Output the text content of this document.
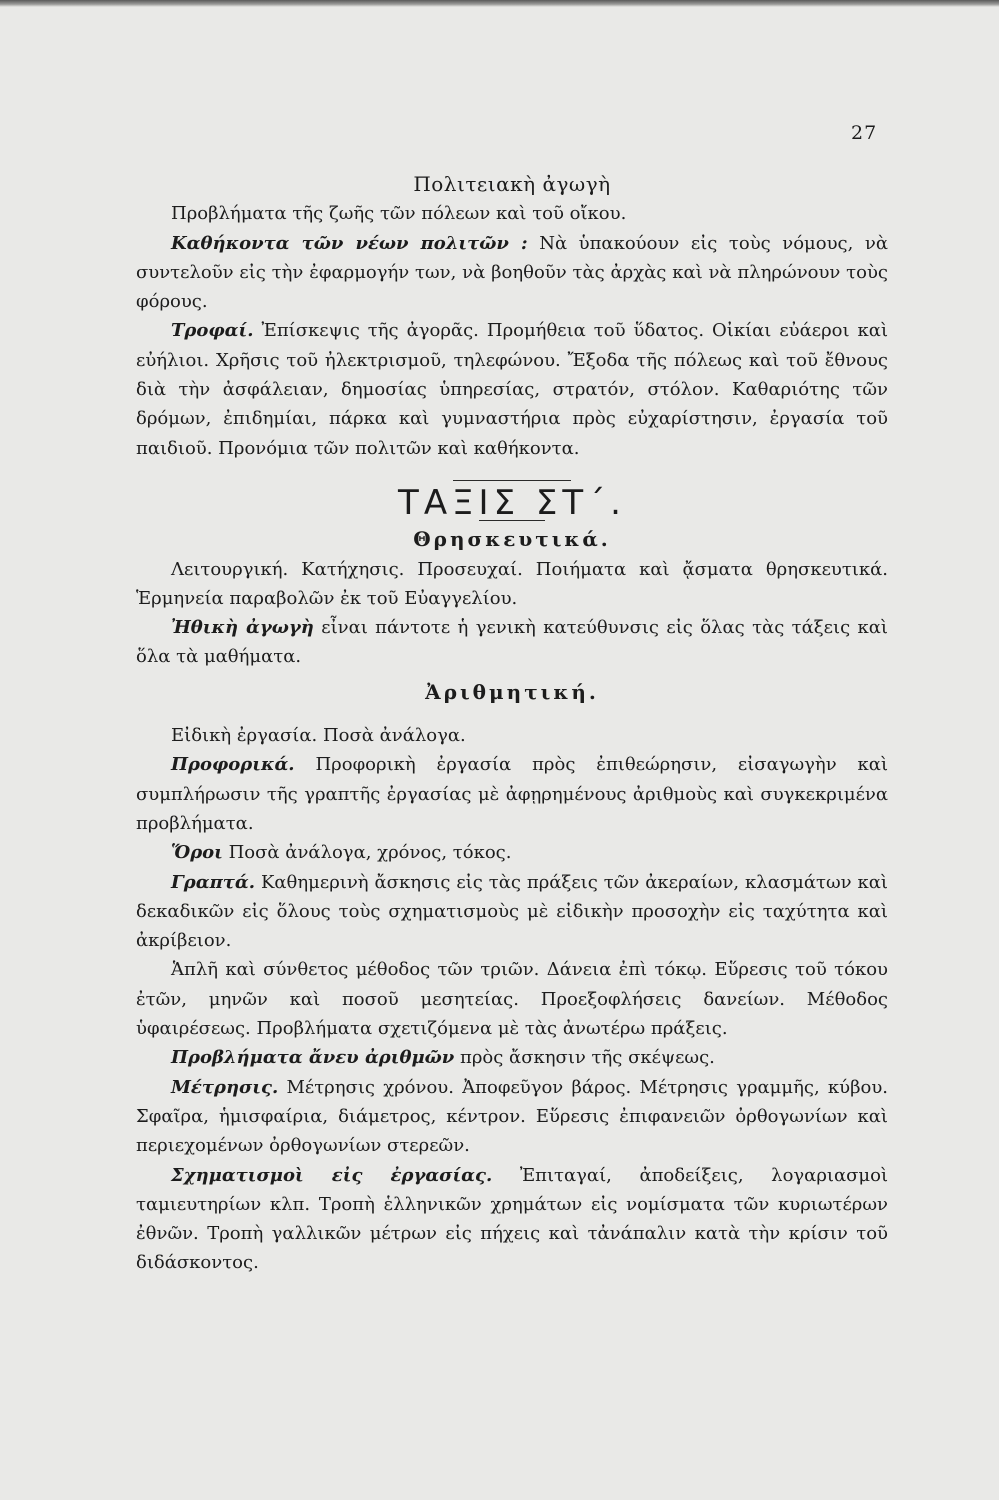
27
Πολιτειακὴ ἀγωγὴ

Προβλήματα τῆς ζωῆς τῶν πόλεων καὶ τοῦ οἴκου.

Καθήκοντα τῶν νέων πολιτῶν : Νὰ ὑπακούουν εἰς τοὺς νόμους, νὰ συντελοῦν εἰς τὴν ἐφαρμογήν των, νὰ βοηθοῦν τὰς ἀρχὰς καὶ νὰ πληρώνουν τοὺς φόρους.

Τροφαί. Ἐπίσκεψις τῆς ἀγορᾶς. Προμήθεια τοῦ ὕδατος. Οἰκίαι εὐάεροι καὶ εὐήλιοι. Χρῆσις τοῦ ἠλεκτρισμοῦ, τηλεφώνου. Ἔξοδα τῆς πόλεως καὶ τοῦ ἔθνους διὰ τὴν ἀσφάλειαν, δημοσίας ὑπηρεσίας, στρατόν, στόλον. Καθαριότης τῶν δρόμων, ἐπιδημίαι, πάρκα καὶ γυμναστήρια πρὸς εὐχαρίστησιν, ἐργασία τοῦ παιδιοῦ. Προνόμια τῶν πολιτῶν καὶ καθήκοντα.

ΤΑΞΙΣ ΣΤ΄.
Θρησκευτικά.

Λειτουργική. Κατήχησις. Προσευχαί. Ποιήματα καὶ ᾄσματα θρησκευτικά. Ἑρμηνεία παραβολῶν ἐκ τοῦ Εὐαγγελίου.

Ἠθικὴ ἀγωγὴ εἶναι πάντοτε ἡ γενικὴ κατεύθυνσις εἰς ὅλας τὰς τάξεις καὶ ὅλα τὰ μαθήματα.

Ἀριθμητική.

Εἰδικὴ ἐργασία. Ποσὰ ἀνάλογα.

Προφορικά. Προφορικὴ ἐργασία πρὸς ἐπιθεώρησιν, εἰσαγωγὴν καὶ συμπλήρωσιν τῆς γραπτῆς ἐργασίας μὲ ἀφῃρημένους ἀριθμοὺς καὶ συγκεκριμένα προβλήματα.

Ὅροι Ποσὰ ἀνάλογα, χρόνος, τόκος.

Γραπτά. Καθημερινὴ ἄσκησις εἰς τὰς πράξεις τῶν ἀκεραίων, κλασμάτων καὶ δεκαδικῶν εἰς ὅλους τοὺς σχηματισμοὺς μὲ εἰδικὴν προσοχὴν εἰς ταχύτητα καὶ ἀκρίβειον.

Ἁπλῆ καὶ σύνθετος μέθοδος τῶν τριῶν. Δάνεια ἐπὶ τόκῳ. Εὕρεσις τοῦ τόκου ἐτῶν, μηνῶν καὶ ποσοῦ μεσητείας. Προεξοφλήσεις δανείων. Μέθοδος ὑφαιρέσεως. Προβλήματα σχετιζόμενα μὲ τὰς ἀνωτέρω πράξεις.

Προβλήματα ἄνευ ἀριθμῶν πρὸς ἄσκησιν τῆς σκέψεως.

Μέτρησις. Μέτρησις χρόνου. Ἀποφεῦγον βάρος. Μέτρησις γραμμῆς, κύβου. Σφαῖρα, ἡμισφαίρια, διάμετρος, κέντρον. Εὕρεσις ἐπιφανειῶν ὀρθογωνίων καὶ περιεχομένων ὀρθογωνίων στερεῶν.

Σχηματισμοὶ εἰς ἐργασίας. Ἐπιταγαί, ἀποδείξεις, λογαριασμοὶ ταμιευτηρίων κλπ. Τροπὴ ἑλληνικῶν χρημάτων εἰς νομίσματα τῶν κυριωτέρων ἐθνῶν. Τροπὴ γαλλικῶν μέτρων εἰς πήχεις καὶ τἀνάπαλιν κατὰ τὴν κρίσιν τοῦ διδάσκοντος.
